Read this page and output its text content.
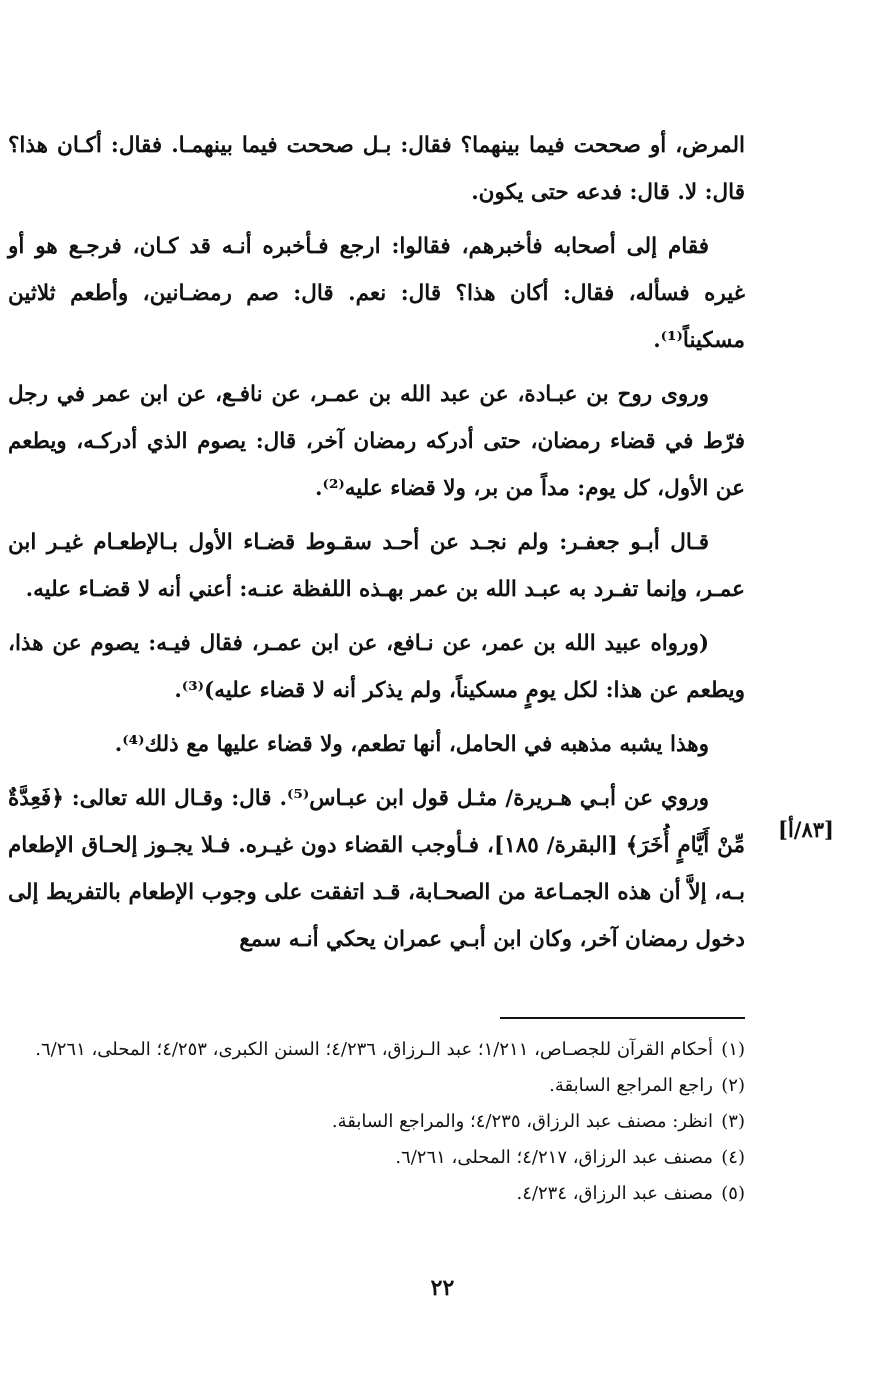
المرض، أو صححت فيما بينهما؟ فقال: بـل صححت فيما بينهمـا. فقال: أكـان هذا؟ قال: لا. قال: فدعه حتى يكون.

فقام إلى أصحابه فأخبرهم، فقالوا: ارجع فـأخبره أنـه قد كـان، فرجـع هو أو غيره فسأله، فقال: أكان هذا؟ قال: نعم. قال: صم رمضـانين، وأطعم ثلاثين مسكيناً⁽¹⁾.

وروى روح بن عبـادة، عن عبد الله بن عمـر، عن نافـع، عن ابن عمر في رجل فرّط في قضاء رمضان، حتى أدركه رمضان آخر، قال: يصوم الذي أدركـه، ويطعم عن الأول، كل يوم: مداً من بر، ولا قضاء عليه⁽²⁾.

قـال أبـو جعفـر: ولم نجـد عن أحـد سقـوط قضـاء الأول بـالإطعـام غيـر ابن عمـر، وإنما تفـرد به عبـد الله بن عمر بهـذه اللفظة عنـه: أعني أنه لا قضـاء عليه.

(ورواه عبيد الله بن عمر، عن نـافع، عن ابن عمـر، فقال فيـه: يصوم عن هذا، ويطعم عن هذا: لكل يومٍ مسكيناً، ولم يذكر أنه لا قضاء عليه)⁽³⁾.

وهذا يشبه مذهبه في الحامل، أنها تطعم، ولا قضاء عليها مع ذلك⁽⁴⁾.

وروي عن أبـي هـريرة/ مثـل قول ابن عبـاس⁽⁵⁾. قال: وقـال الله تعالى: ﴿فَعِدَّةٌ مِّنْ أَيَّامٍ أُخَرَ﴾ [البقرة/ ١٨٥]، فـأوجب القضاء دون غيـره. فـلا يجـوز إلحـاق الإطعام بـه، إلاَّ أن هذه الجمـاعة من الصحـابة، قـد اتفقت على وجوب الإطعام بالتفريط إلى دخول رمضان آخر، وكان ابن أبـي عمران يحكي أنـه سمع

[٨٣/أ]
(١)
أحكام القرآن للجصـاص، ١/٢١١؛ عبد الـرزاق، ٤/٢٣٦؛ السنن الكبرى، ٤/٢٥٣؛ المحلى، ٦/٢٦١.
(٢)
راجع المراجع السابقة.
(٣)
انظر: مصنف عبد الرزاق، ٤/٢٣٥؛ والمراجع السابقة.
(٤)
مصنف عبد الرزاق، ٤/٢١٧؛ المحلى، ٦/٢٦١.
(٥)
مصنف عبد الرزاق، ٤/٢٣٤.
٢٢
